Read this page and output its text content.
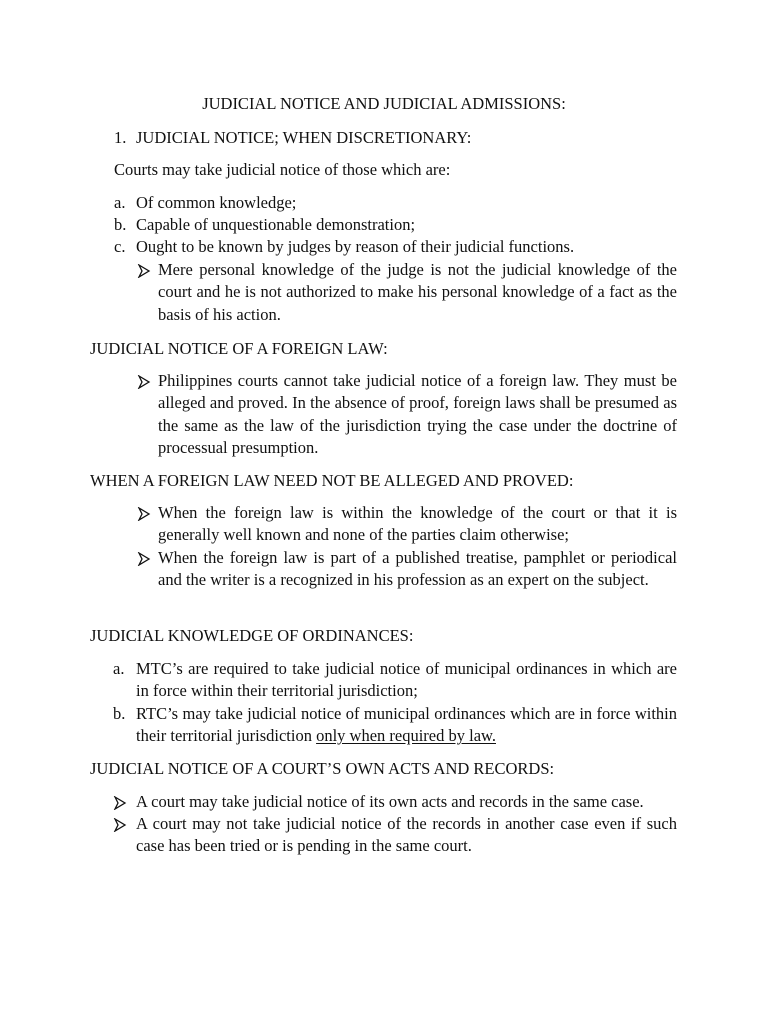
JUDICIAL NOTICE AND JUDICIAL ADMISSIONS:
1. JUDICIAL NOTICE; WHEN DISCRETIONARY:
Courts may take judicial notice of those which are:
a. Of common knowledge;
b. Capable of unquestionable demonstration;
c. Ought to be known by judges by reason of their judicial functions.
Mere personal knowledge of the judge is not the judicial knowledge of the court and he is not authorized to make his personal knowledge of a fact as the basis of his action.
JUDICIAL NOTICE OF A FOREIGN LAW:
Philippines courts cannot take judicial notice of a foreign law. They must be alleged and proved. In the absence of proof, foreign laws shall be presumed as the same as the law of the jurisdiction trying the case under the doctrine of processual presumption.
WHEN A FOREIGN LAW NEED NOT BE ALLEGED AND PROVED:
When the foreign law is within the knowledge of the court or that it is generally well known and none of the parties claim otherwise;
When the foreign law is part of a published treatise, pamphlet or periodical and the writer is a recognized in his profession as an expert on the subject.
JUDICIAL KNOWLEDGE OF ORDINANCES:
a. MTC’s are required to take judicial notice of municipal ordinances in which are in force within their territorial jurisdiction;
b. RTC’s may take judicial notice of municipal ordinances which are in force within their territorial jurisdiction only when required by law.
JUDICIAL NOTICE OF A COURT’S OWN ACTS AND RECORDS:
A court may take judicial notice of its own acts and records in the same case.
A court may not take judicial notice of the records in another case even if such case has been tried or is pending in the same court.
